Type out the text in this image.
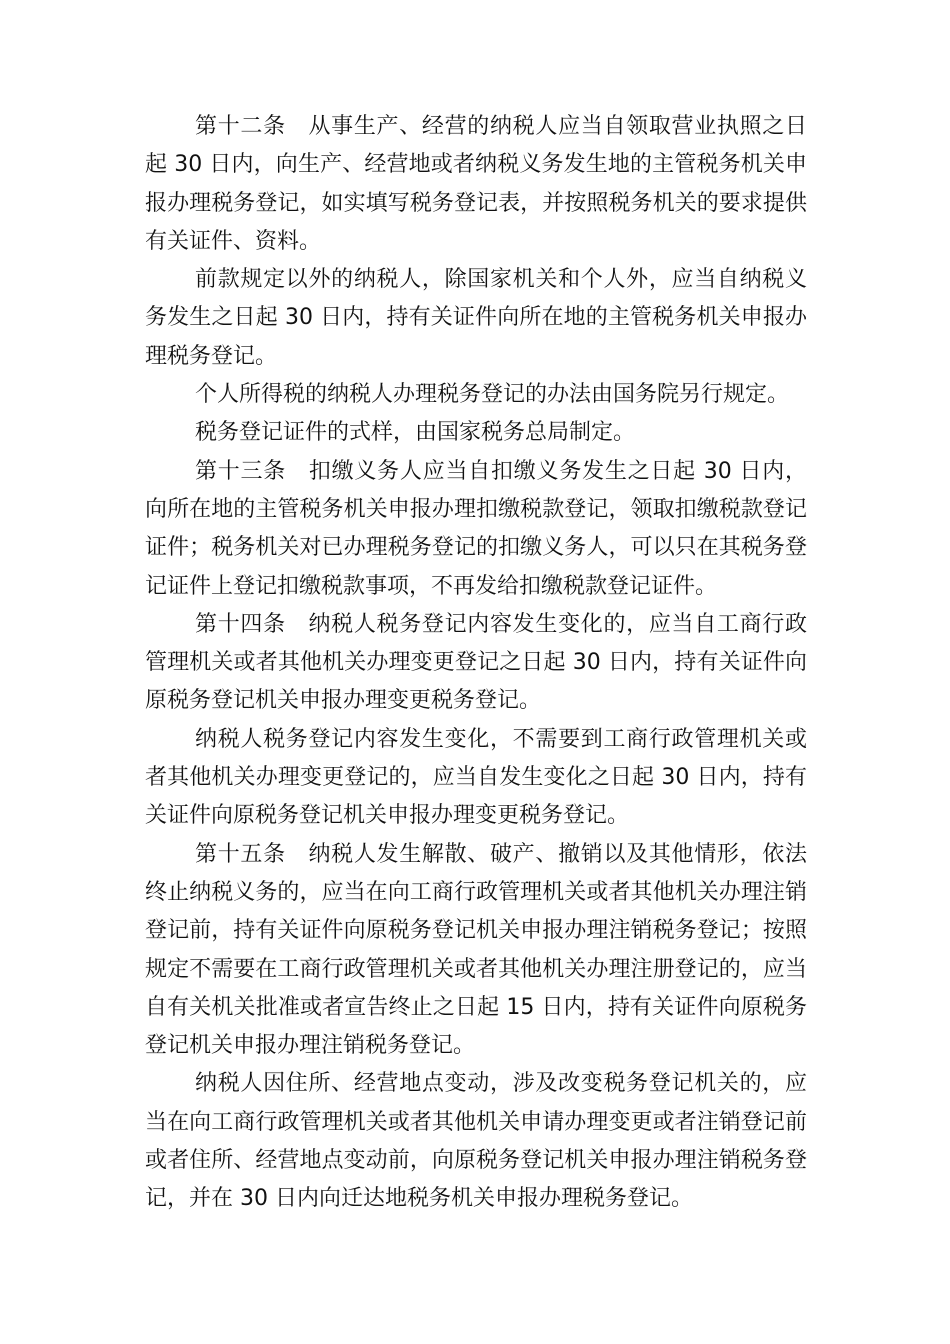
第十二条　从事生产、经营的纳税人应当自领取营业执照之日起 30 日内，向生产、经营地或者纳税义务发生地的主管税务机关申报办理税务登记，如实填写税务登记表，并按照税务机关的要求提供有关证件、资料。

前款规定以外的纳税人，除国家机关和个人外，应当自纳税义务发生之日起 30 日内，持有关证件向所在地的主管税务机关申报办理税务登记。

个人所得税的纳税人办理税务登记的办法由国务院另行规定。

税务登记证件的式样，由国家税务总局制定。

第十三条　扣缴义务人应当自扣缴义务发生之日起 30 日内，向所在地的主管税务机关申报办理扣缴税款登记，领取扣缴税款登记证件；税务机关对已办理税务登记的扣缴义务人，可以只在其税务登记证件上登记扣缴税款事项，不再发给扣缴税款登记证件。

第十四条　纳税人税务登记内容发生变化的，应当自工商行政管理机关或者其他机关办理变更登记之日起 30 日内，持有关证件向原税务登记机关申报办理变更税务登记。

纳税人税务登记内容发生变化，不需要到工商行政管理机关或者其他机关办理变更登记的，应当自发生变化之日起 30 日内，持有关证件向原税务登记机关申报办理变更税务登记。

第十五条　纳税人发生解散、破产、撤销以及其他情形，依法终止纳税义务的，应当在向工商行政管理机关或者其他机关办理注销登记前，持有关证件向原税务登记机关申报办理注销税务登记；按照规定不需要在工商行政管理机关或者其他机关办理注册登记的，应当自有关机关批准或者宣告终止之日起 15 日内，持有关证件向原税务登记机关申报办理注销税务登记。

纳税人因住所、经营地点变动，涉及改变税务登记机关的，应当在向工商行政管理机关或者其他机关申请办理变更或者注销登记前或者住所、经营地点变动前，向原税务登记机关申报办理注销税务登记，并在 30 日内向迁达地税务机关申报办理税务登记。
